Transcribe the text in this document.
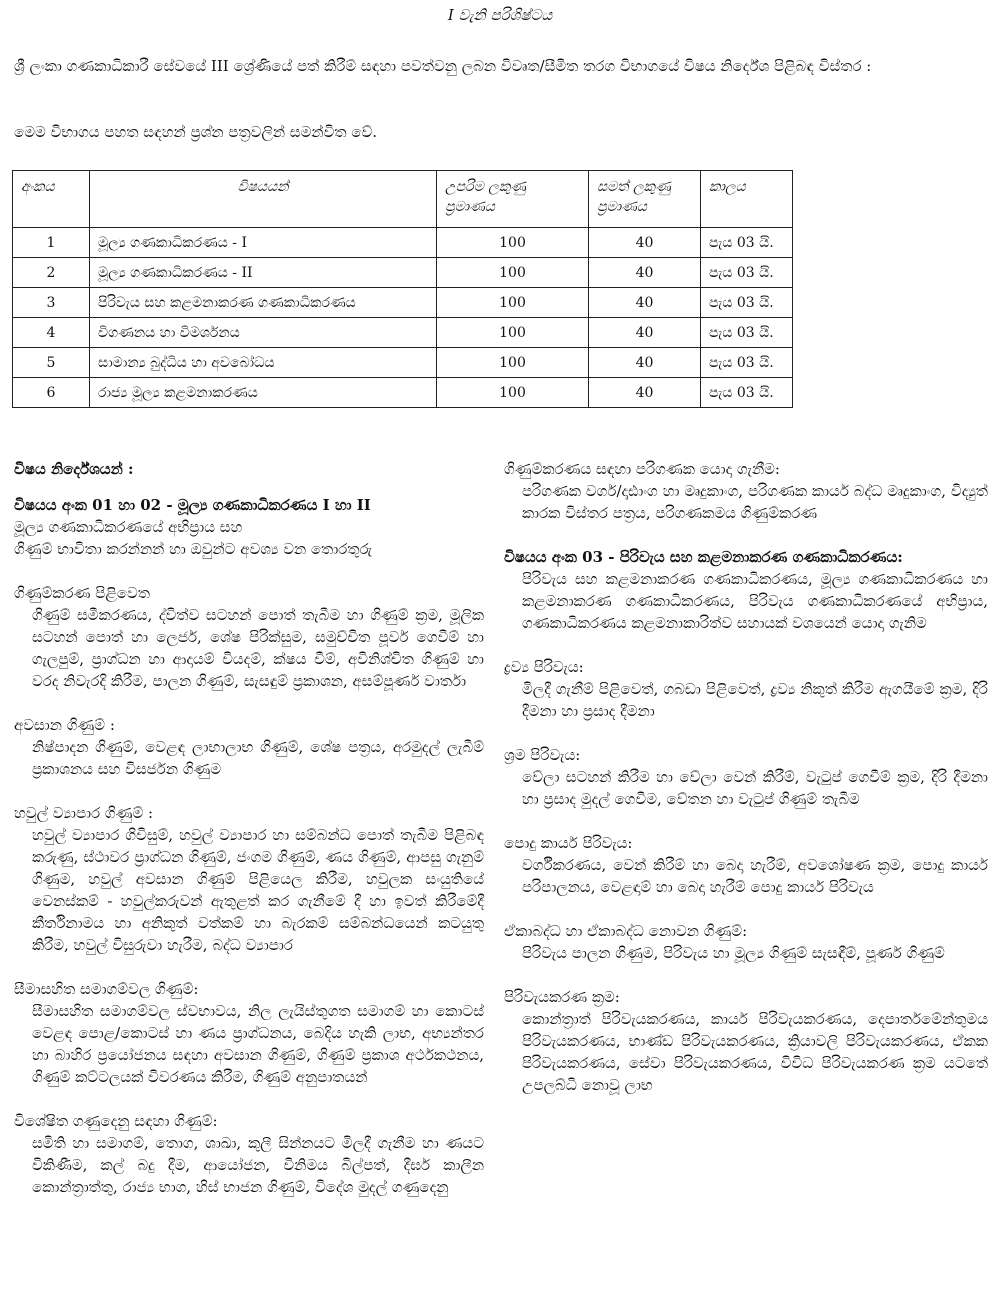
I වැනි පරිශිෂ්ටය
ශ්‍රී ලංකා ගණකාධිකාරී සේවයේ III ශ්‍රේණියේ පත් කිරීම් සඳහා පවත්වනු ලබන විවෘත/සීමිත තරග විභාගයේ විෂය නිර්දේශ පිළිබඳ විස්තර :
මෙම විභාගය පහත සඳහන් ප්‍රශ්න පත්‍රවලින් සමන්විත වේ.
අංකය	විෂයයන්	උපරිම ලකුණු ප්‍රමාණය	සමත් ලකුණු ප්‍රමාණය	කාලය
1	මූල්‍ය ගණකාධිකරණය - I	100	40	පැය 03 යි.
2	මූල්‍ය ගණකාධිකරණය - II	100	40	පැය 03 යි.
3	පිරිවැය සහ කළමනාකරණ ගණකාධිකරණය	100	40	පැය 03 යි.
4	විගණනය හා විමර්ශනය	100	40	පැය 03 යි.
5	සාමාන්‍ය බුද්ධිය හා අවබෝධය	100	40	පැය 03 යි.
6	රාජ්‍ය මූල්‍ය කළමනාකරණය	100	40	පැය 03 යි.
විෂය නිර්දේශයන් :
විෂයය අංක 01 හා 02 - මූල්‍ය ගණකාධිකරණය I හා II
මූල්‍ය ගණකාධිකරණයේ අභිප්‍රාය සහ
ගිණුම් භාවිතා කරන්නන් හා ඔවුන්ට අවශ්‍ය වන තොරතුරු
ගිණුම්කරණ පිළිවෙත
ගිණුම් සමීකරණය, ද්විත්ව සටහන් පොත් තැබීම හා ගිණුම් ක්‍රම, මූලික සටහන් පොත් හා ලෙජර්, ශේෂ පිරික්සුම, සමුච්චිත පූර්ව ගෙවීම් හා ගැලපුම්, ප්‍රාග්ධන හා ආදායම් වියදම්, ක්ෂය වීම්, අවිනිශ්චිත ගිණුම් හා වරද නිවැරදි කිරීම, පාලන ගිණුම්, සැසඳුම් ප්‍රකාශන, අසම්පූර්ණ වාර්තා
අවසාන ගිණුම් :
නිෂ්පාදන ගිණුම්, වෙළඳ ලාභාලාභ ගිණුම්, ශේෂ පත්‍රය, අරමුදල් ලැබීම් ප්‍රකාශනය සහ විසර්ජන ගිණුම
හවුල් ව්‍යාපාර ගිණුම් :
හවුල් ව්‍යාපාර ගිවිසුම්, හවුල් ව්‍යාපාර හා සම්බන්ධ පොත් තැබීම පිළිබඳ කරුණු, ස්ථාවර ප්‍රාග්ධන ගිණුම්, ජංගම ගිණුම්, ණය ගිණුම්, ආපසු ගැනුම් ගිණුම, හවුල් අවසාන ගිණුම් පිළියෙල කිරීම, හවුලක සංයුතියේ වෙනස්කම් - හවුල්කරුවන් ඇතුළත් කර ගැනීමේ දී හා ඉවත් කිරීමේදී කීර්තිනාමය හා අනිකුත් වත්කම් හා බැරකම් සම්බන්ධයෙන් කටයුතු කිරීම, හවුල් විසුරුවා හැරීම, බද්ධ ව්‍යාපාර
සීමාසහිත සමාගම්වල ගිණුම්:
සීමාසහිත සමාගම්වල ස්වභාවය, නිල ලැයිස්තුගත සමාගම් හා කොටස් වෙළඳ පොළ/කොටස් හා ණය ප්‍රාග්ධනය, බෙදිය හැකි ලාභ, අභ්‍යන්තර හා බාහිර ප්‍රයෝජනය සඳහා අවසාන ගිණුම්, ගිණුම් ප්‍රකාශ අර්ථකථනය, ගිණුම් කට්ටලයක් විවරණය කිරීම, ගිණුම් අනුපාතයන්
විශේෂිත ගණුදෙනු සඳහා ගිණුම්:
සමිති හා සමාගම්, තොග, ශාඛා, කුලී සින්නයට මිලදී ගැනීම හා ණයට විකිණීම, කල් බදු දීම, ආයෝජන, විනිමය බිල්පත්, දීර්ඝ කාලීන කොන්ත්‍රාත්තු, රාජ්‍ය භාග, හිස් භාජන ගිණුම්, විදේශ මුදල් ගණුදෙනු
ගිණුම්කරණය සඳහා පරිගණක යොදා ගැනීම:
පරිගණක වර්ග/දෘඪාංග හා මෘදුකාංග, පරිගණක කාර්ය බද්ධ මෘදුකාංග, විද්‍යුත් කාරක විස්තර පත්‍රය, පරිගණකමය ගිණුම්කරණ
විෂයය අංක 03 - පිරිවැය සහ කළමනාකරණ ගණකාධිකරණය:
පිරිවැය සහ කළමනාකරණ ගණකාධිකරණය, මූල්‍ය ගණකාධිකරණය හා කළමනාකරණ ගණකාධිකරණය, පිරිවැය ගණකාධිකරණයේ අභිප්‍රාය, ගණකාධිකරණය කළමනාකාරිත්ව සහායක් වශයෙන් යොදා ගැනිම
ද්‍රව්‍ය පිරිවැය:
මිලදී ගැනීම් පිළිවෙත්, ගබඩා පිළිවෙත්, ද්‍රව්‍ය නිකුත් කිරීම ඇගයීමේ ක්‍රම, දිරි දීමනා හා ප්‍රසාද දීමනා
ශ්‍රම පිරිවැය:
වේලා සටහන් කිරීම හා වේලා වෙන් කිරීම්, වැටුප් ගෙවීම් ක්‍රම, දිරි දීමනා හා ප්‍රසාද මුදල් ගෙවීම, වේතන හා වැටුප් ගිණුම් තැබීම
පොදු කාර්ය පිරිවැය:
වර්ගීකරණය, වෙන් කිරීම් හා බෙදා හැරීම්, අවශෝෂණ ක්‍රම, පොදු කාර්ය පරිපාලනය, වෙළඳාම් හා බෙදා හැරීම් පොදු කාර්ය පිරිවැය
ඒකාබද්ධ හා ඒකාබද්ධ නොවන ගිණුම්:
පිරිවැය පාලන ගිණුම, පිරිවැය හා මූල්‍ය ගිණුම් සැසඳීම්, පූර්ණ ගිණුම්
පිරිවැයකරණ ක්‍රම:
කොන්ත්‍රාත් පිරිවැයකරණය, කාර්ය පිරිවැයකරණය, දෙපාර්තමේන්තුමය පිරිවැයකරණය, භාණ්ඩ පිරිවැයකරණය, ක්‍රියාවලි පිරිවැයකරණය, ඒකක පිරිවැයකරණය, සේවා පිරිවැයකරණය, විවිධ පිරිවැයකරණ ක්‍රම යටතේ උපලබ්ධි නොවූ ලාභ
